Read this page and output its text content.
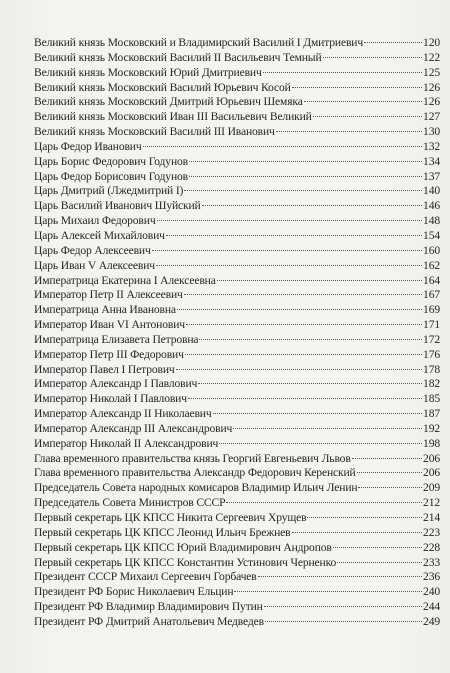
Великий князь Московский и Владимирский Василий I Дмитриевич	120
Великий князь Московский Василий II Васильевич Темный	122
Великий князь Московский Юрий Дмитриевич	125
Великий князь Московский Василий Юрьевич Косой	126
Великий князь Московский Дмитрий Юрьевич Шемяка	126
Великий князь Московский Иван III Васильевич Великий	127
Великий князь Московский Василий III Иванович	130
Царь Федор Иванович	132
Царь Борис Федорович Годунов	134
Царь Федор Борисович Годунов	137
Царь Дмитрий (Лжедмитрий I)	140
Царь Василий Иванович Шуйский	146
Царь Михаил Федорович	148
Царь Алексей Михайлович	154
Царь Федор Алексеевич	160
Царь Иван V Алексеевич	162
Императрица Екатерина I Алексеевна	164
Император Петр II Алексеевич	167
Императрица Анна Ивановна	169
Император Иван VI Антонович	171
Императрица Елизавета Петровна	172
Император Петр III Федорович	176
Император Павел I Петрович	178
Император Александр I Павлович	182
Император Николай I Павлович	185
Император Александр II Николаевич	187
Император Александр III Александрович	192
Император Николай II Александрович	198
Глава временного правительства князь Георгий Евгеньевич Львов	206
Глава временного правительства Александр Федорович Керенский	206
Председатель Совета народных комисаров Владимир Ильич Ленин	209
Председатель Совета Министров СССР	212
Первый секретарь ЦК КПСС Никита Сергеевич Хрущев	214
Первый секретарь ЦК КПСС Леонид Ильич Брежнев	223
Первый секретарь ЦК КПСС Юрий Владимирович Андропов	228
Первый секретарь ЦК КПСС Константин Устинович Черненко	233
Президент СССР Михаил Сергеевич Горбачев	236
Президент РФ Борис Николаевич Ельцин	240
Президент РФ Владимир Владимирович Путин	244
Президент РФ Дмитрий Анатольевич Медведев	249
